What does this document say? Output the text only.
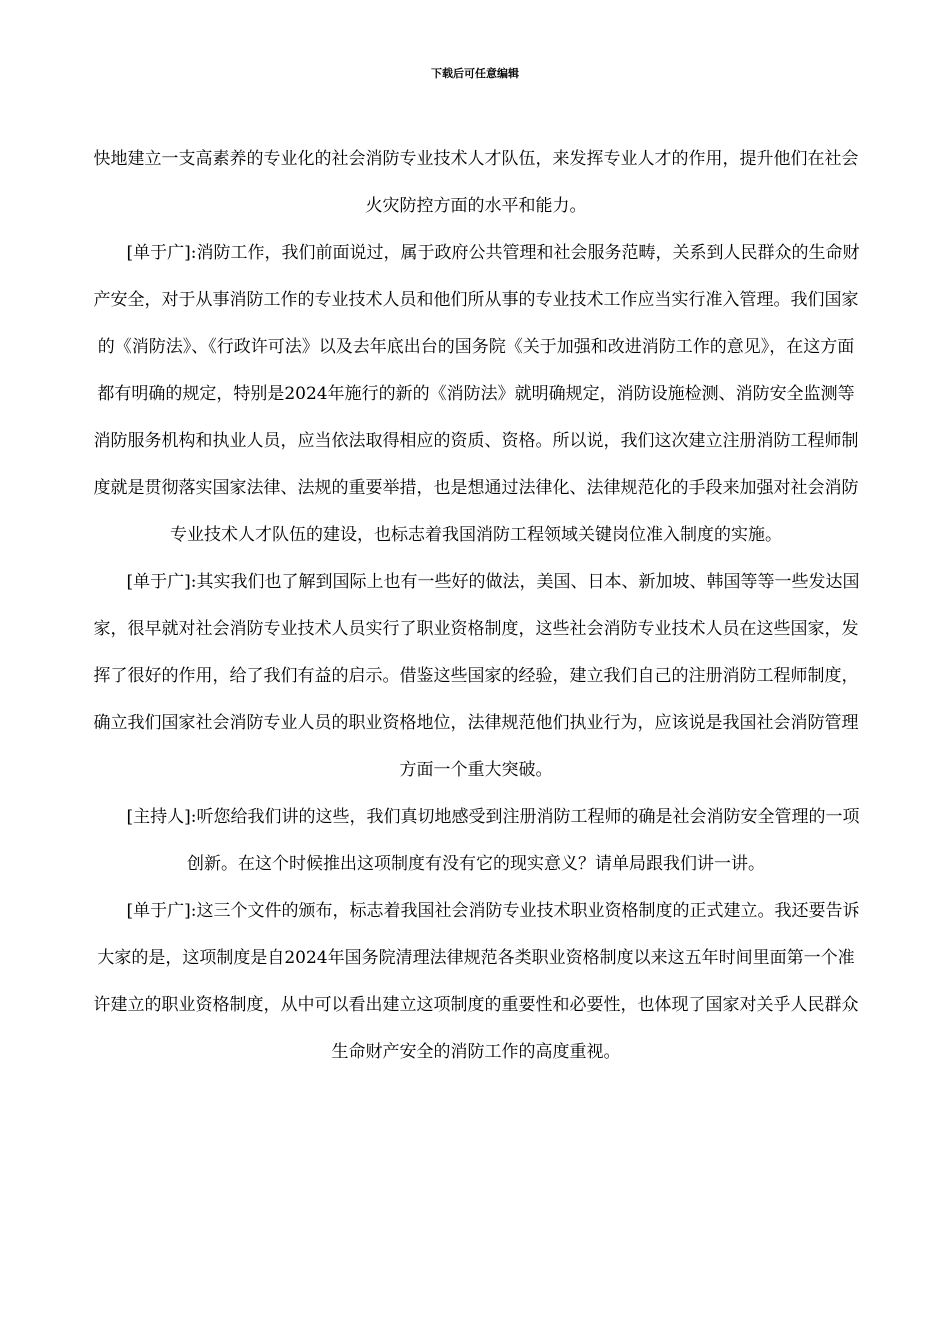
下载后可任意编辑

快地建立一支高素养的专业化的社会消防专业技术人才队伍，来发挥专业人才的作用，提升他们在社会火灾防控方面的水平和能力。

[单于广]:消防工作，我们前面说过，属于政府公共管理和社会服务范畴，关系到人民群众的生命财产安全，对于从事消防工作的专业技术人员和他们所从事的专业技术工作应当实行准入管理。我们国家的《消防法》、《行政许可法》以及去年底出台的国务院《关于加强和改进消防工作的意见》，在这方面都有明确的规定，特别是2024年施行的新的《消防法》就明确规定，消防设施检测、消防安全监测等消防服务机构和执业人员，应当依法取得相应的资质、资格。所以说，我们这次建立注册消防工程师制度就是贯彻落实国家法律、法规的重要举措，也是想通过法律化、法律规范化的手段来加强对社会消防专业技术人才队伍的建设，也标志着我国消防工程领域关键岗位准入制度的实施。

[单于广]:其实我们也了解到国际上也有一些好的做法，美国、日本、新加坡、韩国等等一些发达国家，很早就对社会消防专业技术人员实行了职业资格制度，这些社会消防专业技术人员在这些国家，发挥了很好的作用，给了我们有益的启示。借鉴这些国家的经验，建立我们自己的注册消防工程师制度，确立我们国家社会消防专业人员的职业资格地位，法律规范他们执业行为，应该说是我国社会消防管理方面一个重大突破。

[主持人]:听您给我们讲的这些，我们真切地感受到注册消防工程师的确是社会消防安全管理的一项创新。在这个时候推出这项制度有没有它的现实意义？请单局跟我们讲一讲。

[单于广]:这三个文件的颁布，标志着我国社会消防专业技术职业资格制度的正式建立。我还要告诉大家的是，这项制度是自2024年国务院清理法律规范各类职业资格制度以来这五年时间里面第一个准许建立的职业资格制度，从中可以看出建立这项制度的重要性和必要性，也体现了国家对关乎人民群众生命财产安全的消防工作的高度重视。
